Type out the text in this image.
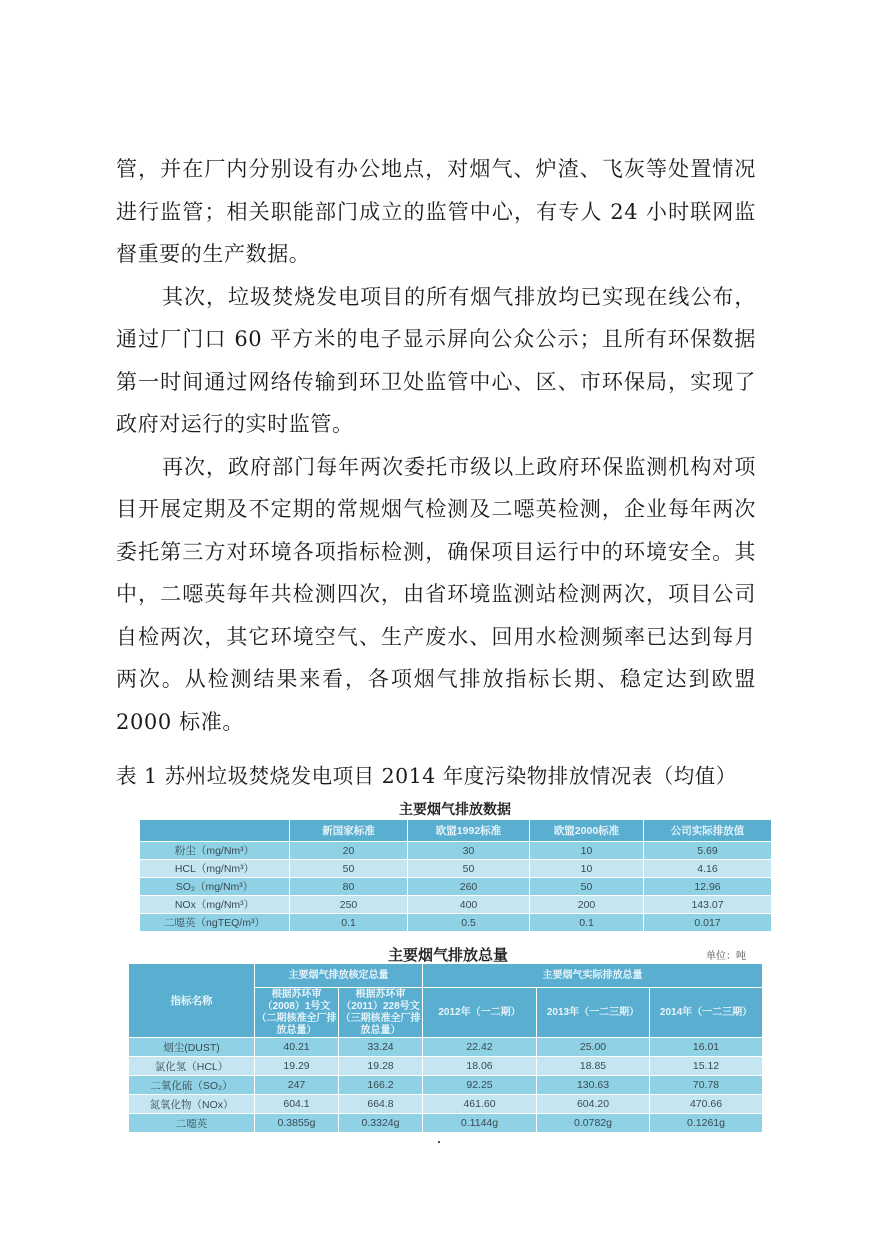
管，并在厂内分别设有办公地点，对烟气、炉渣、飞灰等处置情况进行监管；相关职能部门成立的监管中心，有专人 24 小时联网监督重要的生产数据。

其次，垃圾焚烧发电项目的所有烟气排放均已实现在线公布，通过厂门口 60 平方米的电子显示屏向公众公示；且所有环保数据第一时间通过网络传输到环卫处监管中心、区、市环保局，实现了政府对运行的实时监管。

再次，政府部门每年两次委托市级以上政府环保监测机构对项目开展定期及不定期的常规烟气检测及二噁英检测，企业每年两次委托第三方对环境各项指标检测，确保项目运行中的环境安全。其中，二噁英每年共检测四次，由省环境监测站检测两次，项目公司自检两次，其它环境空气、生产废水、回用水检测频率已达到每月两次。从检测结果来看，各项烟气排放指标长期、稳定达到欧盟 2000 标准。

表 1 苏州垃圾焚烧发电项目 2014 年度污染物排放情况表（均值）
主要烟气排放数据
	新国家标准	欧盟1992标准	欧盟2000标准	公司实际排放值
粉尘（mg/Nm³）	20	30	10	5.69
HCL（mg/Nm³）	50	50	10	4.16
SO₂（mg/Nm³）	80	260	50	12.96
NOx（mg/Nm³）	250	400	200	143.07
二噁英（ngTEQ/m³）	0.1	0.5	0.1	0.017
主要烟气排放总量	单位：吨
指标名称	主要烟气排放核定总量		主要烟气实际排放总量		
	根据苏环审（2008）1号文（二期核准全厂排放总量）	根据苏环审（2011）228号文（三期核准全厂排放总量）	2012年（一二期）	2013年（一二三期）	2014年（一二三期）
烟尘(DUST)	40.21	33.24	22.42	25.00	16.01
氯化氢（HCL）	19.29	19.28	18.06	18.85	15.12
二氧化硫（SO₂）	247	166.2	92.25	130.63	70.78
氮氧化物（NOx）	604.1	664.8	461.60	604.20	470.66
二噁英	0.3855g	0.3324g	0.1144g	0.0782g	0.1261g
